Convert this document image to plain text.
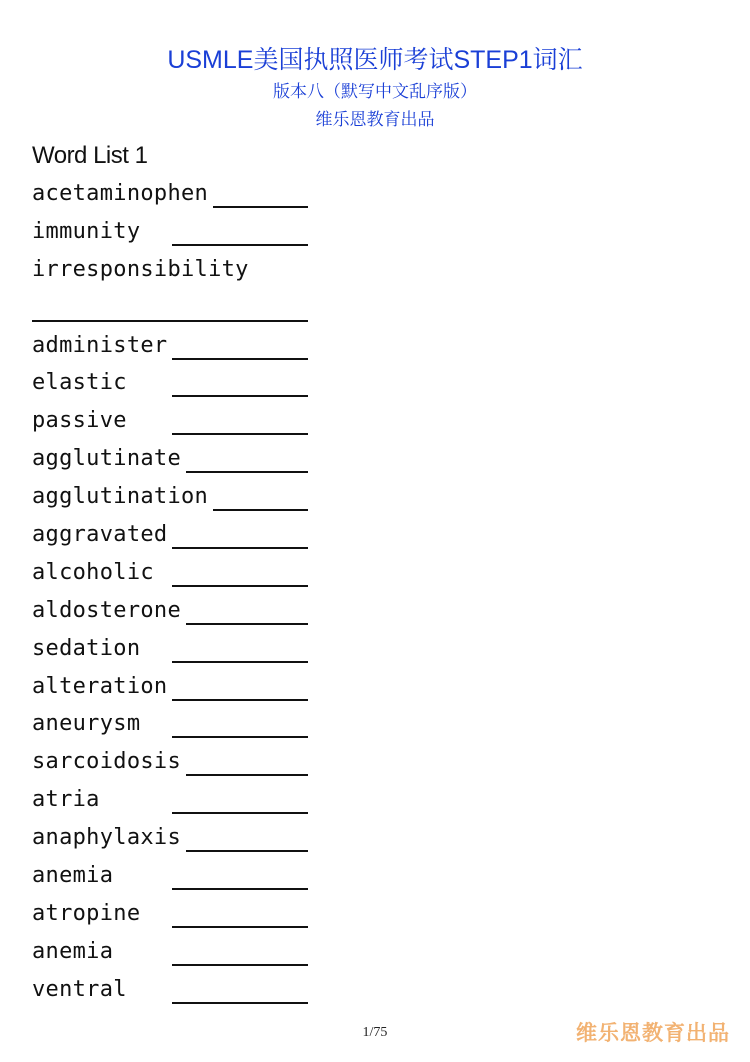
USMLE美国执照医师考试STEP1词汇
版本八（默写中文乱序版）
维乐恩教育出品
Word List 1
acetaminophen
immunity
irresponsibility
administer
elastic
passive
agglutinate
agglutination
aggravated
alcoholic
aldosterone
sedation
alteration
aneurysm
sarcoidosis
atria
anaphylaxis
anemia
atropine
anemia
ventral
1/75	维乐恩教育出品
